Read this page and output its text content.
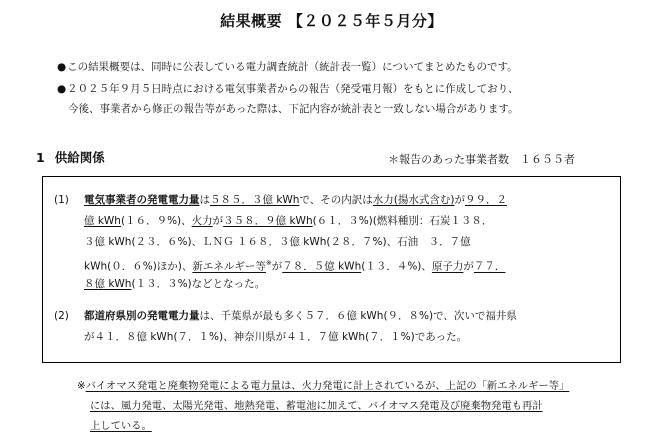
結果概要 【２０２５年５月分】
●この結果概要は、同時に公表している電力調査統計（統計表一覧）についてまとめたものです。
●２０２５年９月５日時点における電気事業者からの報告（発受電月報）をもとに作成しており、
今後、事業者から修正の報告等があった際は、下記内容が統計表と一致しない場合があります。
1 供給関係	＊報告のあった事業者数　１６５５者
(1) 電気事業者の発電電力量は５８５．３億 kWhで、その内訳は水力(揚水式含む)が９９．２
億 kWh(１６．９%)、火力が３５８．９億 kWh(６１．３%)(燃料種別：石炭１３８．
３億 kWh(２３．６%)、ＬＮＧ １６８．３億 kWh(２８．７%)、石油　３．７億
kWh(０．６%)ほか)、新エネルギー等※が７８．５億 kWh(１３．４%)、原子力が７７．
８億 kWh(１３．３%)などとなった。
(2) 都道府県別の発電電力量は、千葉県が最も多く５７．６億 kWh(９．８%)で、次いで福井県
が４１．８億 kWh(７．１%)、神奈川県が４１．７億 kWh(７．１%)であった。
※バイオマス発電と廃棄物発電による電力量は、火力発電に計上されているが、上記の「新エネルギー等」
には、風力発電、太陽光発電、地熱発電、蓄電池に加えて、バイオマス発電及び廃棄物発電も再計
上している。
